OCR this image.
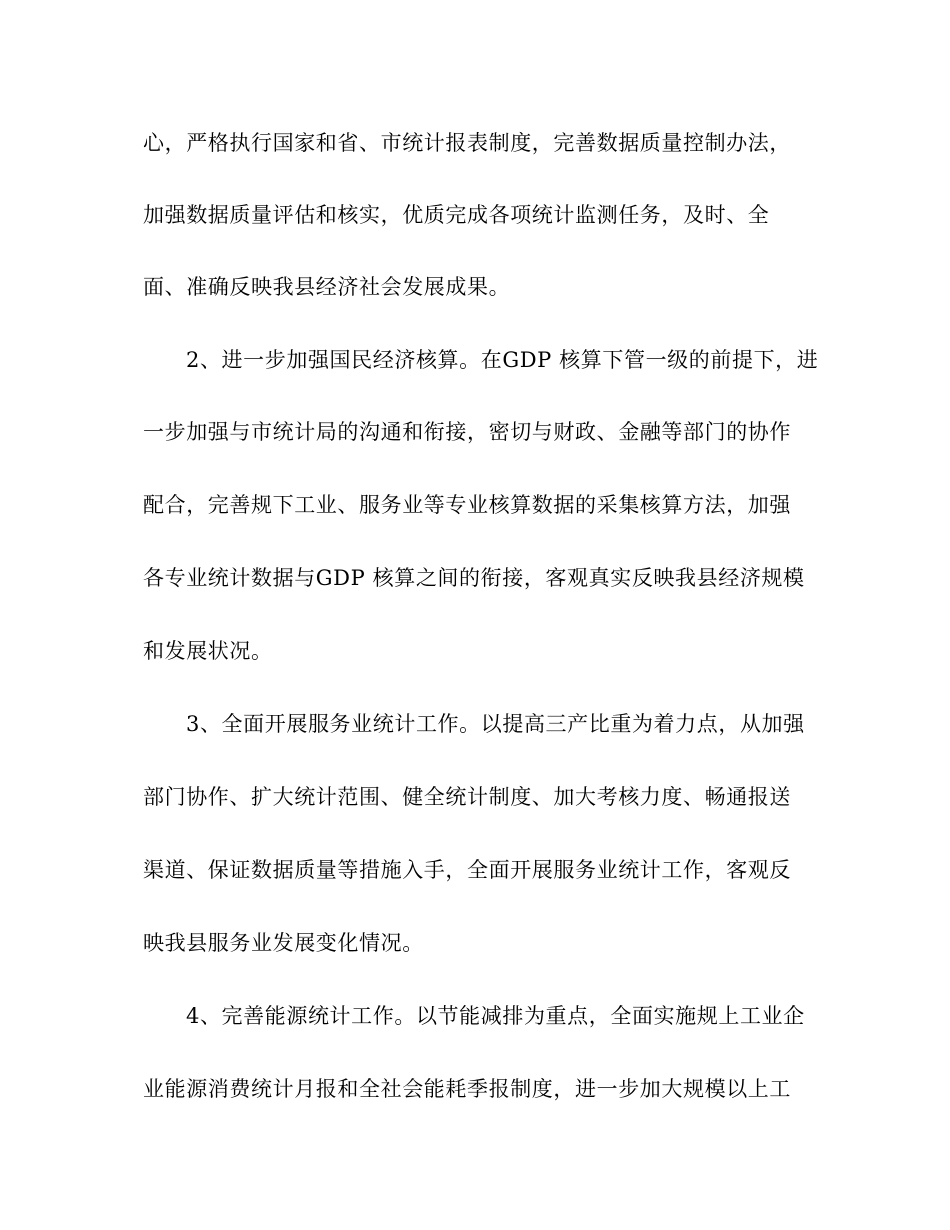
心，严格执行国家和省、市统计报表制度，完善数据质量控制办法，
加强数据质量评估和核实，优质完成各项统计监测任务，及时、全
面、准确反映我县经济社会发展成果。
2、进一步加强国民经济核算。在GDP 核算下管一级的前提下，进
一步加强与市统计局的沟通和衔接，密切与财政、金融等部门的协作
配合，完善规下工业、服务业等专业核算数据的采集核算方法，加强
各专业统计数据与GDP 核算之间的衔接，客观真实反映我县经济规模
和发展状况。
3、全面开展服务业统计工作。以提高三产比重为着力点，从加强
部门协作、扩大统计范围、健全统计制度、加大考核力度、畅通报送
渠道、保证数据质量等措施入手，全面开展服务业统计工作，客观反
映我县服务业发展变化情况。
4、完善能源统计工作。以节能减排为重点，全面实施规上工业企
业能源消费统计月报和全社会能耗季报制度，进一步加大规模以上工
